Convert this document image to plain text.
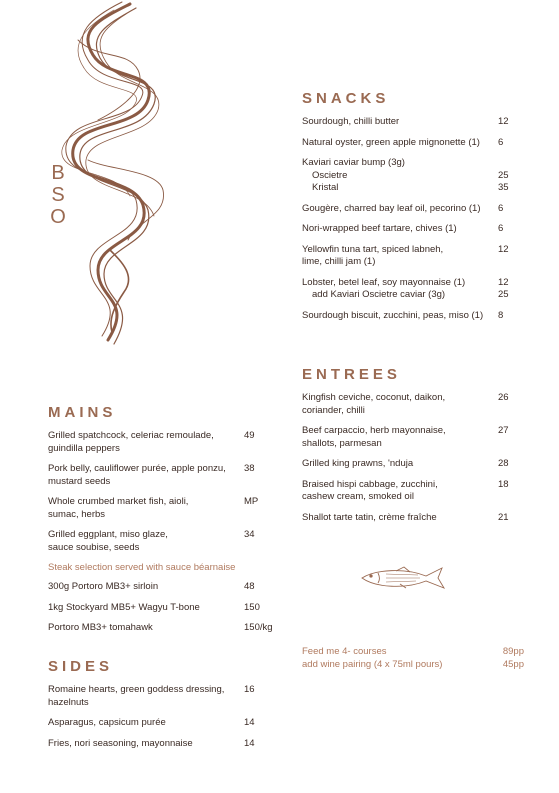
B
S
O
SNACKS
Sourdough, chilli butter	12
Natural oyster, green apple mignonette (1)	6
Kaviari caviar bump (3g)
Oscietre	25
Kristal	35
Gougère, charred bay leaf oil, pecorino (1)	6
Nori-wrapped beef tartare, chives (1)	6
Yellowfin tuna tart, spiced labneh,	12
lime, chilli jam (1)
Lobster, betel leaf, soy mayonnaise (1)	12
add Kaviari Oscietre caviar (3g)	25
Sourdough biscuit, zucchini, peas, miso (1)	8
ENTREES
Kingfish ceviche, coconut, daikon,	26
coriander, chilli
Beef carpaccio, herb mayonnaise,	27
shallots, parmesan
Grilled king prawns, 'nduja	28
Braised hispi cabbage, zucchini,	18
cashew cream, smoked oil
Shallot tarte tatin, crème fraîche	21
MAINS
Grilled spatchcock, celeriac remoulade,	49
guindilla peppers
Pork belly, cauliflower purée, apple ponzu,	38
mustard seeds
Whole crumbed market fish, aioli,	MP
sumac, herbs
Grilled eggplant, miso glaze,	34
sauce soubise, seeds
Steak selection served with sauce béarnaise
300g Portoro MB3+ sirloin	48
1kg Stockyard MB5+ Wagyu T-bone	150
Portoro MB3+ tomahawk	150/kg
SIDES
Romaine hearts, green goddess dressing,	16
hazelnuts
Asparagus, capsicum purée	14
Fries, nori seasoning, mayonnaise	14
Feed me 4- courses	89pp
add wine pairing (4 x 75ml pours)	45pp
